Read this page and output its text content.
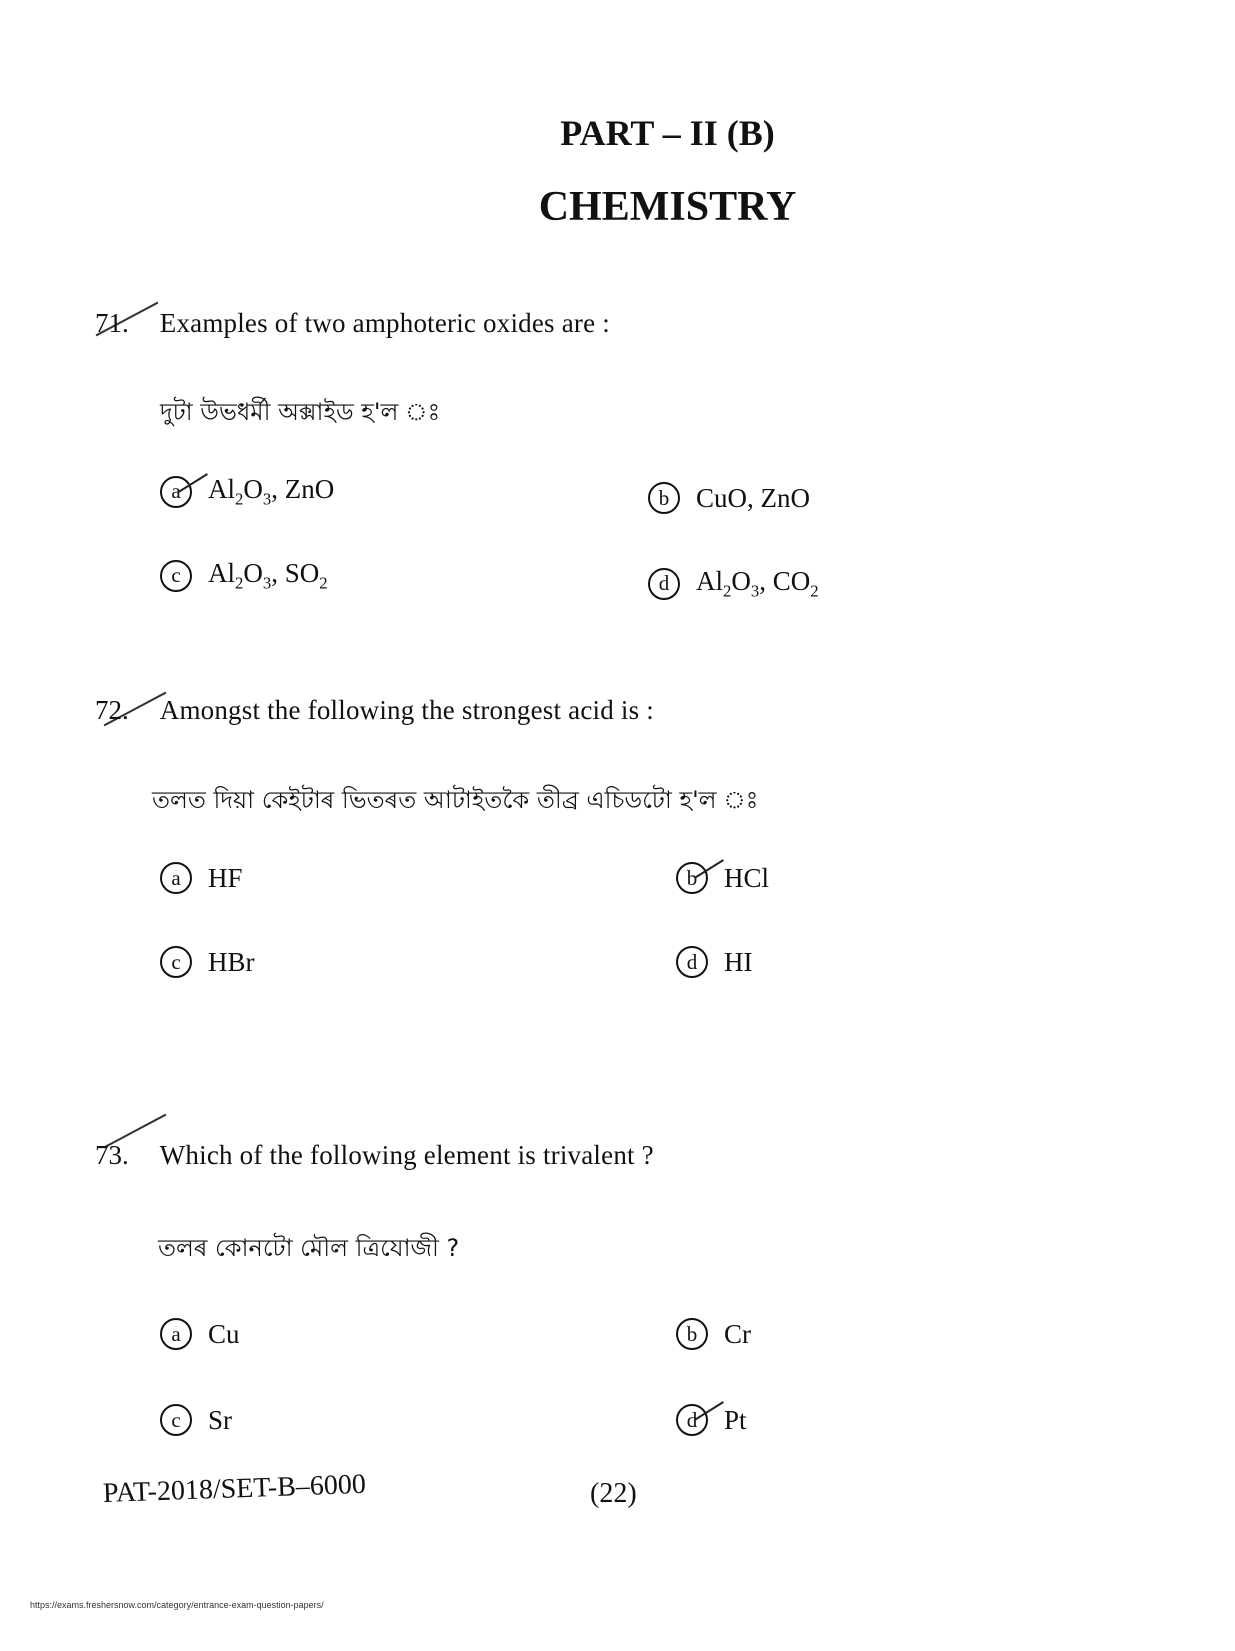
PART – II (B)
CHEMISTRY
71. Examples of two amphoteric oxides are :
দুটা উভধৰ্মী অক্সাইড হ'ল ঃ
a	$Al_2O_3$, ZnO	b CuO, ZnO
c	$Al_2O_3$, $SO_2$	d $Al_2O_3$, $CO_2$
72. Amongst the following the strongest acid is :
তলত দিয়া কেইটাৰ ভিতৰত আটাইতকৈ তীব্ৰ এচিডটো হ'ল ঃ
a	HF	b HCl
c	HBr	d HI
73. Which of the following element is trivalent ?
তলৰ কোনটো মৌল ত্ৰিযোজী ?
a	Cu	b Cr
c	Sr	d Pt
PAT-2018/SET-B–6000	(22)
https://exams.freshersnow.com/category/entrance-exam-question-papers/
